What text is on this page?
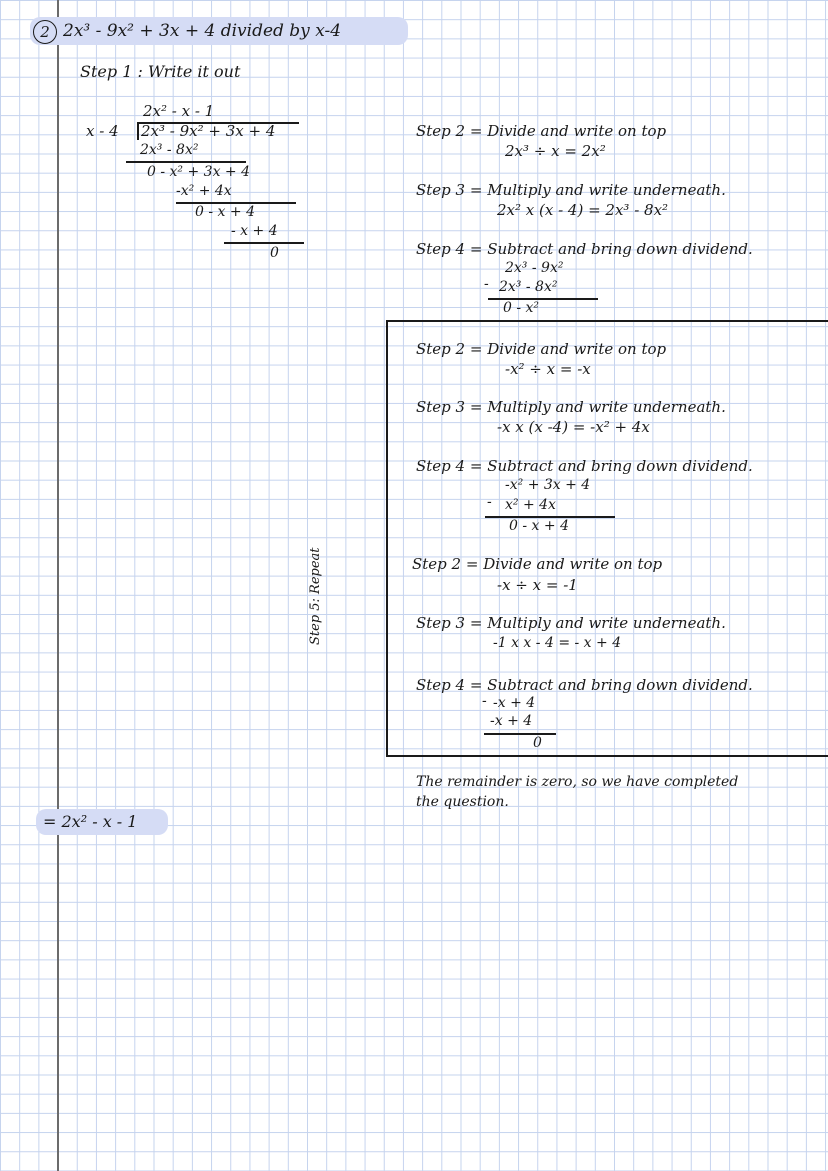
2 2x³ - 9x² + 3x + 4 divided by x-4
Step 1 : Write it out
2x² - x - 1
x - 4 2x³ - 9x² + 3x + 4
2x³ - 8x²
0 - x² + 3x + 4
-x² + 4x
0 - x + 4
- x + 4
0
Step 2 = Divide and write on top
2x³ ÷ x = 2x²
Step 3 = Multiply and write underneath.
2x² x (x - 4) = 2x³ - 8x²
Step 4 = Subtract and bring down dividend.
2x³ - 9x²
- 2x³ - 8x²
0 - x²
Step 5: Repeat
Step 2 = Divide and write on top
-x² ÷ x = -x
Step 3 = Multiply and write underneath.
-x x (x -4) = -x² + 4x
Step 4 = Subtract and bring down dividend.
-x² + 3x + 4
- x² + 4x
0 - x + 4
Step 2 = Divide and write on top
-x ÷ x = -1
Step 3 = Multiply and write underneath.
-1 x x - 4 = - x + 4
Step 4 = Subtract and bring down dividend.
- -x + 4
-x + 4
0
The remainder is zero, so we have completed
the question.
= 2x² - x - 1
